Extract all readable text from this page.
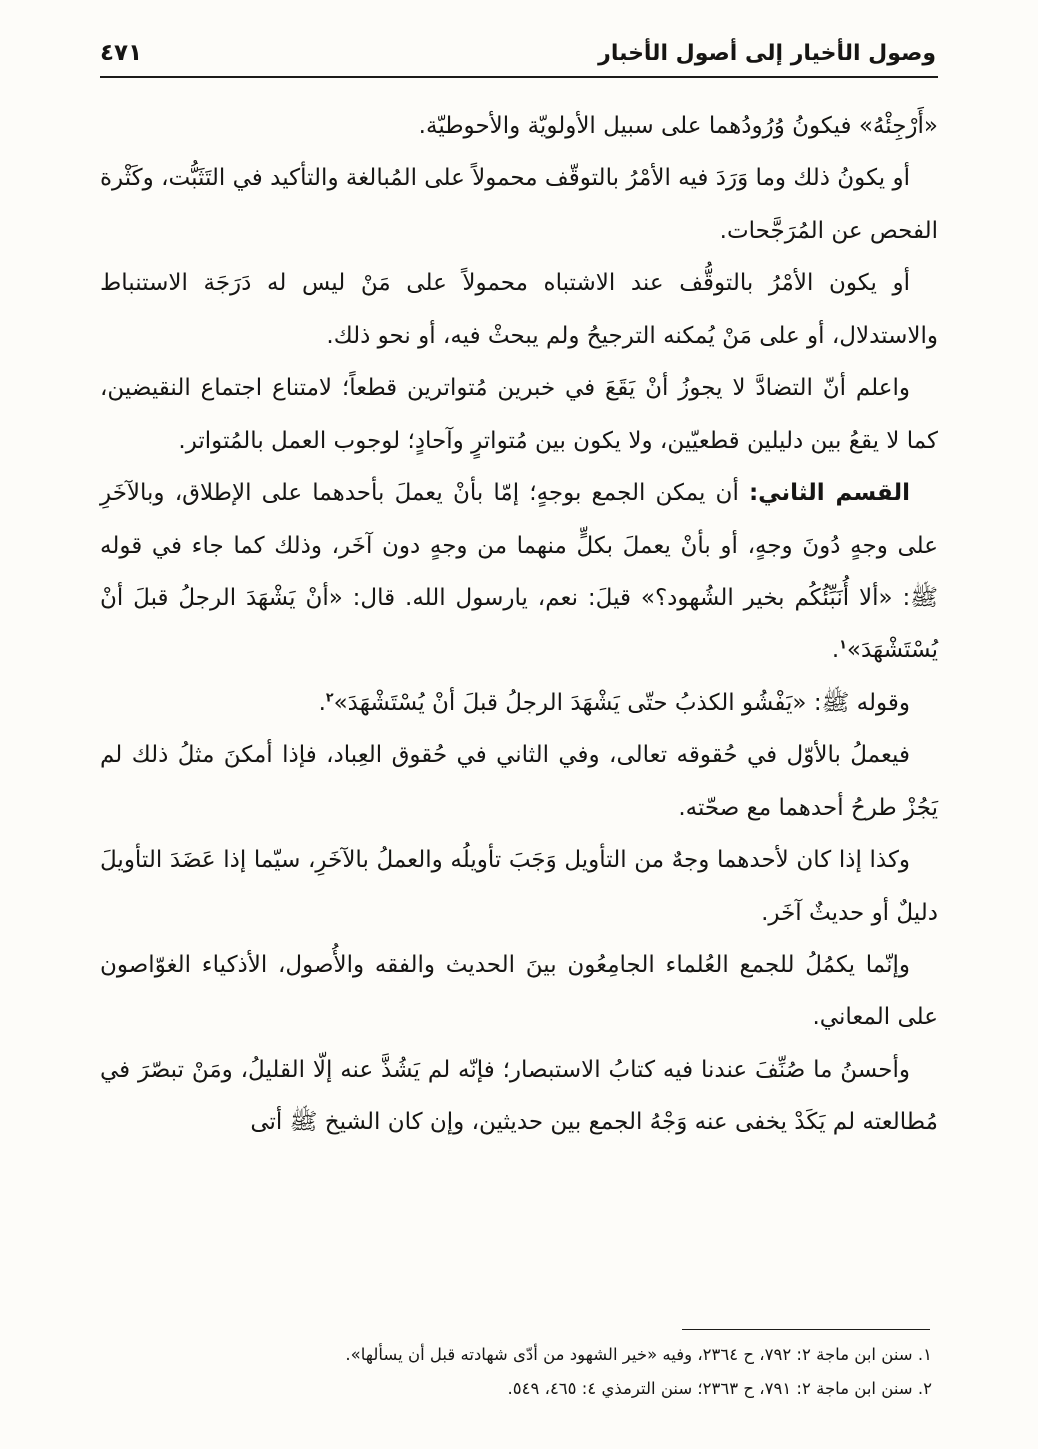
وصول الأخيار إلى أصول الأخبار
٤٧١

«أَرْجِئْهُ» فيكونُ وُرُودُهما على سبيل الأولويّة والأحوطيّة.

أو يكونُ ذلك وما وَرَدَ فيه الأمْرُ بالتوقّف محمولاً على المُبالغة والتأكيد في التَثَبُّت، وكَثْرة الفحص عن المُرَجَّحات.

أو يكون الأمْرُ بالتوقُّف عند الاشتباه محمولاً على مَنْ ليس له دَرَجَة الاستنباط والاستدلال، أو على مَنْ يُمكنه الترجيحُ ولم يبحثْ فيه، أو نحو ذلك.

واعلم أنّ التضادَّ لا يجوزُ أنْ يَقَعَ في خبرين مُتواترين قطعاً؛ لامتناع اجتماع النقيضين، كما لا يقعُ بين دليلين قطعيّين، ولا يكون بين مُتواترٍ وآحادٍ؛ لوجوب العمل بالمُتواتر.

القسم الثاني: أن يمكن الجمع بوجهٍ؛ إمّا بأنْ يعملَ بأحدهما على الإطلاق، وبالآخَرِ على وجهٍ دُونَ وجهٍ، أو بأنْ يعملَ بكلٍّ منهما من وجهٍ دون آخَر، وذلك كما جاء في قوله ﷺ: «ألا أُنَبِّئُكُم بخير الشُهود؟» قيلَ: نعم، يارسول الله. قال: «أنْ يَشْهَدَ الرجلُ قبلَ أنْ يُسْتَشْهَدَ»$^١$.

وقوله ﷺ: «يَفْشُو الكذبُ حتّى يَشْهَدَ الرجلُ قبلَ أنْ يُسْتَشْهَدَ»$^٢$.

فيعملُ بالأوّل في حُقوقه تعالى، وفي الثاني في حُقوق العِباد، فإذا أمكنَ مثلُ ذلك لم يَجُزْ طرحُ أحدهما مع صحّته.

وكذا إذا كان لأحدهما وجهٌ من التأويل وَجَبَ تأويلُه والعملُ بالآخَرِ، سيّما إذا عَضَدَ التأويلَ دليلٌ أو حديثٌ آخَر.

وإنّما يكمُلُ للجمع العُلماء الجامِعُون بينَ الحديث والفقه والأُصول، الأذكياء الغوّاصون على المعاني.

وأحسنُ ما صُنِّفَ عندنا فيه كتابُ الاستبصار؛ فإنّه لم يَشُذَّ عنه إلّا القليلُ، ومَنْ تبصّرَ في مُطالعته لم يَكَدْ يخفى عنه وَجْهُ الجمع بين حديثين، وإن كان الشيخ ﷺ أتى

١. سنن ابن ماجة ٢: ٧٩٢، ح ٢٣٦٤، وفيه «خير الشهود من أدّى شهادته قبل أن يسألها».

٢. سنن ابن ماجة ٢: ٧٩١، ح ٢٣٦٣؛ سنن الترمذي ٤: ٤٦٥، ٥٤٩.
